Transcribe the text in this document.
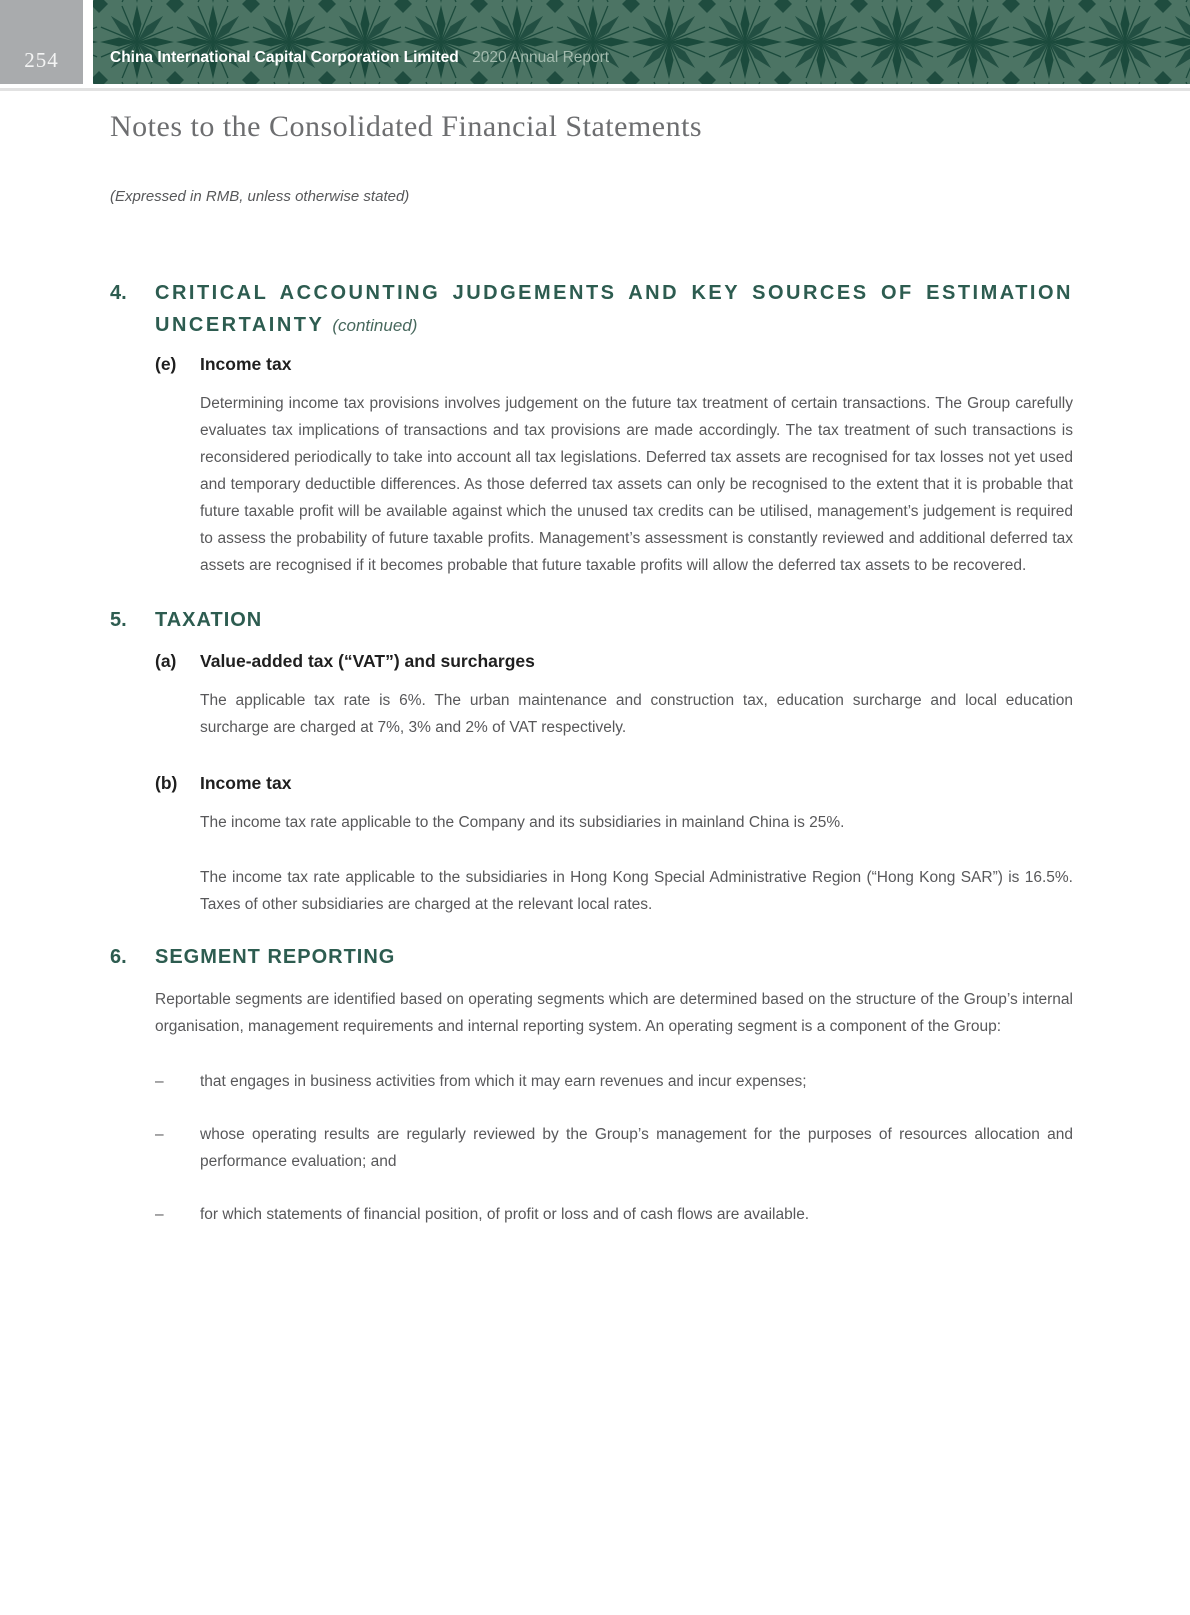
254	China International Capital Corporation Limited 2020 Annual Report
Notes to the Consolidated Financial Statements
(Expressed in RMB, unless otherwise stated)
4.	CRITICAL ACCOUNTING JUDGEMENTS AND KEY SOURCES OF ESTIMATION
UNCERTAINTY (continued)
(e)	Income tax
Determining income tax provisions involves judgement on the future tax treatment of certain transactions. The Group carefully evaluates tax implications of transactions and tax provisions are made accordingly. The tax treatment of such transactions is reconsidered periodically to take into account all tax legislations. Deferred tax assets are recognised for tax losses not yet used and temporary deductible differences. As those deferred tax assets can only be recognised to the extent that it is probable that future taxable profit will be available against which the unused tax credits can be utilised, management’s judgement is required to assess the probability of future taxable profits. Management’s assessment is constantly reviewed and additional deferred tax assets are recognised if it becomes probable that future taxable profits will allow the deferred tax assets to be recovered.
5.	TAXATION
(a)	Value-added tax (“VAT”) and surcharges
The applicable tax rate is 6%. The urban maintenance and construction tax, education surcharge and local education surcharge are charged at 7%, 3% and 2% of VAT respectively.
(b)	Income tax
The income tax rate applicable to the Company and its subsidiaries in mainland China is 25%.
The income tax rate applicable to the subsidiaries in Hong Kong Special Administrative Region (“Hong Kong SAR”) is 16.5%. Taxes of other subsidiaries are charged at the relevant local rates.
6.	SEGMENT REPORTING
Reportable segments are identified based on operating segments which are determined based on the structure of the Group’s internal organisation, management requirements and internal reporting system. An operating segment is a component of the Group:
–	that engages in business activities from which it may earn revenues and incur expenses;
–	whose operating results are regularly reviewed by the Group’s management for the purposes of resources allocation and performance evaluation; and
–	for which statements of financial position, of profit or loss and of cash flows are available.
